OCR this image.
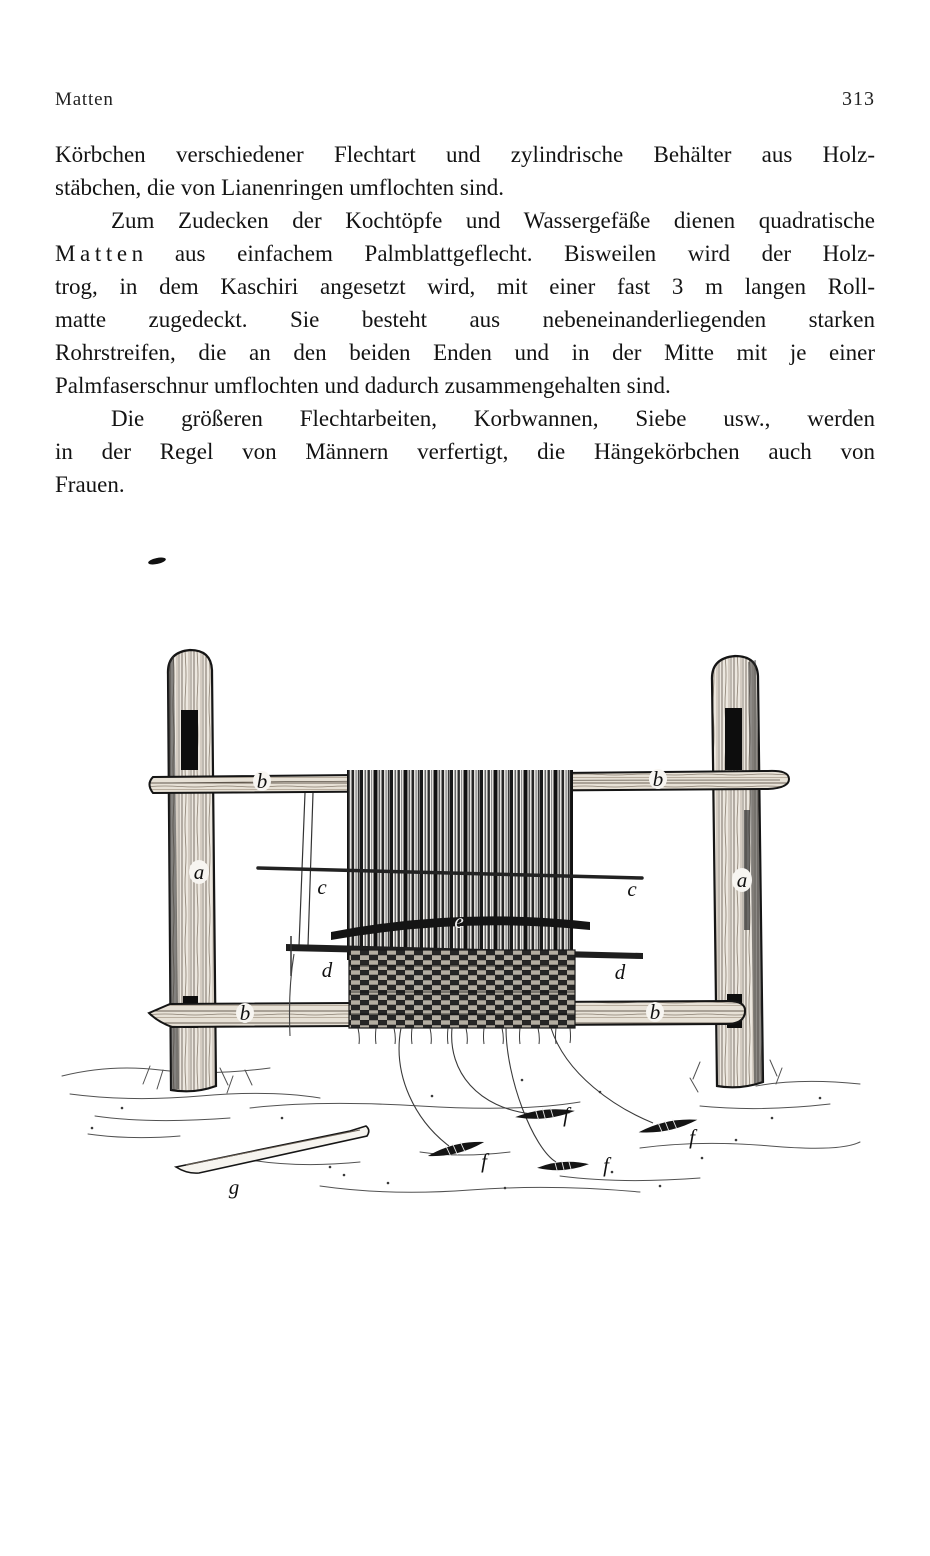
Matten	313
Körbchen verschiedener Flechtart und zylindrische Behälter aus Holz-
stäbchen, die von Lianenringen umflochten sind.
Zum Zudecken der Kochtöpfe und Wassergefäße dienen quadratische
M a t t e n aus einfachem Palmblattgeflecht. Bisweilen wird der Holz-
trog, in dem Kaschiri angesetzt wird, mit einer fast 3 m langen Roll-
matte zugedeckt. Sie besteht aus nebeneinanderliegenden starken
Rohrstreifen, die an den beiden Enden und in der Mitte mit je einer
Palmfaserschnur umflochten und dadurch zusammengehalten sind.
Die größeren Flechtarbeiten, Korbwannen, Siebe usw., werden
in der Regel von Männern verfertigt, die Hängekörbchen auch von
Frauen.
a	a
b	b
b	b
c	c
d	d
e
f
f
f
f
g
